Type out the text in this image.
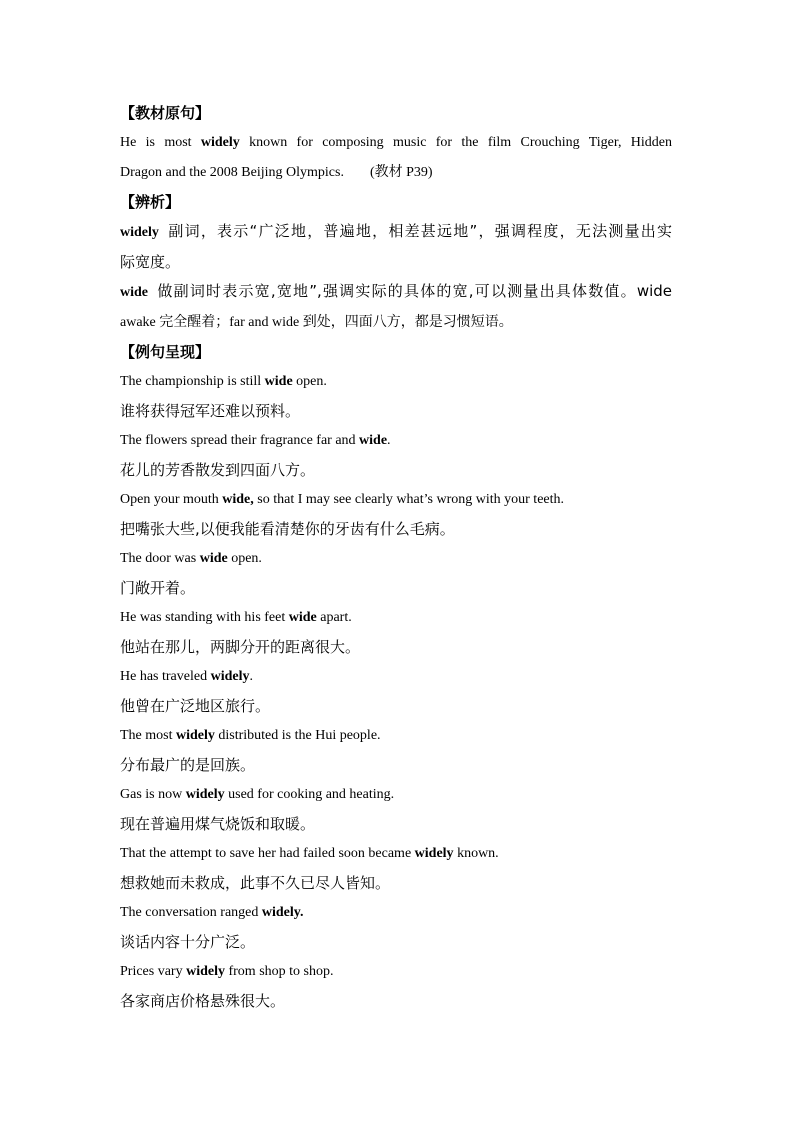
【教材原句】

He is most widely known for composing music for the film Crouching Tiger, Hidden

Dragon and the 2008 Beijing Olympics. (教材 P39)

【辨析】

widely 副词，表示“广泛地，普遍地，相差甚远地”，强调程度，无法测量出实

际宽度。

wide 做副词时表示宽,宽地”,强调实际的具体的宽,可以测量出具体数值。wide

awake 完全醒着；far and wide 到处，四面八方，都是习惯短语。

【例句呈现】

The championship is still wide open.

谁将获得冠军还难以预料。

The flowers spread their fragrance far and wide.

花儿的芳香散发到四面八方。

Open your mouth wide, so that I may see clearly what’s wrong with your teeth.

把嘴张大些,以便我能看清楚你的牙齿有什么毛病。

The door was wide open.

门敞开着。

He was standing with his feet wide apart.

他站在那儿，两脚分开的距离很大。

He has traveled widely.

他曾在广泛地区旅行。

The most widely distributed is the Hui people.

分布最广的是回族。

Gas is now widely used for cooking and heating.

现在普遍用煤气烧饭和取暖。

That the attempt to save her had failed soon became widely known.

想救她而未救成，此事不久已尽人皆知。

The conversation ranged widely.

谈话内容十分广泛。

Prices vary widely from shop to shop.

各家商店价格悬殊很大。
